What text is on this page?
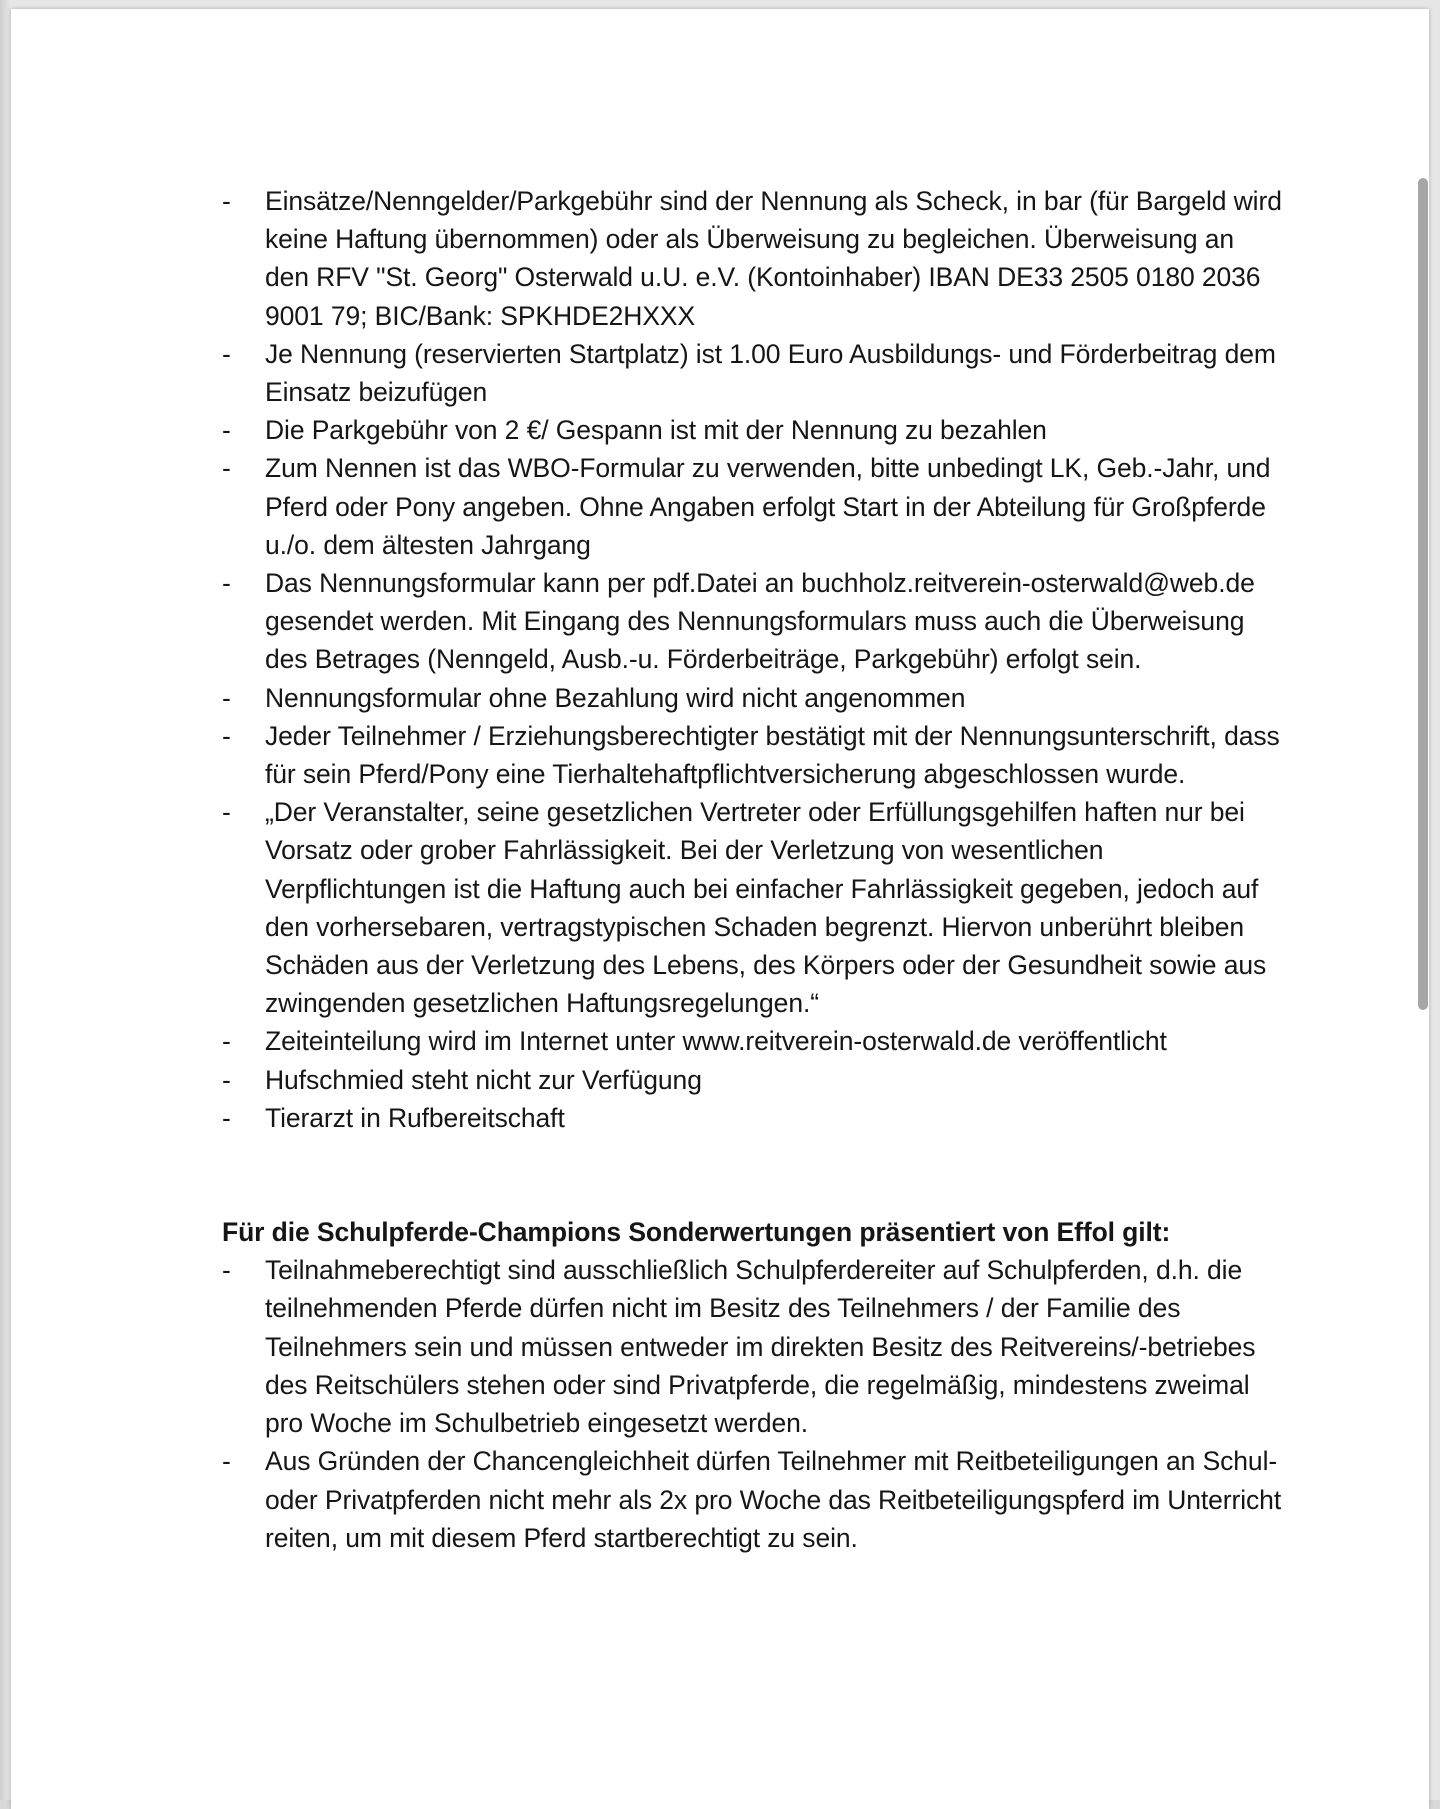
- Einsätze/Nenngelder/Parkgebühr sind der Nennung als Scheck, in bar (für Bargeld wird keine Haftung übernommen) oder als Überweisung zu begleichen. Überweisung an den RFV "St. Georg" Osterwald u.U. e.V. (Kontoinhaber) IBAN DE33 2505 0180 2036 9001 79; BIC/Bank: SPKHDE2HXXX

- Je Nennung (reservierten Startplatz) ist 1.00 Euro Ausbildungs- und Förderbeitrag dem Einsatz beizufügen

- Die Parkgebühr von 2 €/ Gespann ist mit der Nennung zu bezahlen

- Zum Nennen ist das WBO-Formular zu verwenden, bitte unbedingt LK, Geb.-Jahr, und Pferd oder Pony angeben. Ohne Angaben erfolgt Start in der Abteilung für Großpferde u./o. dem ältesten Jahrgang

- Das Nennungsformular kann per pdf.Datei an buchholz.reitverein-osterwald@web.de gesendet werden. Mit Eingang des Nennungsformulars muss auch die Überweisung des Betrages (Nenngeld, Ausb.-u. Förderbeiträge, Parkgebühr) erfolgt sein.

- Nennungsformular ohne Bezahlung wird nicht angenommen

- Jeder Teilnehmer / Erziehungsberechtigter bestätigt mit der Nennungsunterschrift, dass für sein Pferd/Pony eine Tierhaltehaftpflichtversicherung abgeschlossen wurde.

- „Der Veranstalter, seine gesetzlichen Vertreter oder Erfüllungsgehilfen haften nur bei Vorsatz oder grober Fahrlässigkeit. Bei der Verletzung von wesentlichen Verpflichtungen ist die Haftung auch bei einfacher Fahrlässigkeit gegeben, jedoch auf den vorhersebaren, vertragstypischen Schaden begrenzt. Hiervon unberührt bleiben Schäden aus der Verletzung des Lebens, des Körpers oder der Gesundheit sowie aus zwingenden gesetzlichen Haftungsregelungen.“

- Zeiteinteilung wird im Internet unter www.reitverein-osterwald.de veröffentlicht

- Hufschmied steht nicht zur Verfügung

- Tierarzt in Rufbereitschaft

Für die Schulpferde-Champions Sonderwertungen präsentiert von Effol gilt:

- Teilnahmeberechtigt sind ausschließlich Schulpferdereiter auf Schulpferden, d.h. die teilnehmenden Pferde dürfen nicht im Besitz des Teilnehmers / der Familie des Teilnehmers sein und müssen entweder im direkten Besitz des Reitvereins/-betriebes des Reitschülers stehen oder sind Privatpferde, die regelmäßig, mindestens zweimal pro Woche im Schulbetrieb eingesetzt werden.

- Aus Gründen der Chancengleichheit dürfen Teilnehmer mit Reitbeteiligungen an Schul- oder Privatpferden nicht mehr als 2x pro Woche das Reitbeteiligungspferd im Unterricht reiten, um mit diesem Pferd startberechtigt zu sein.
